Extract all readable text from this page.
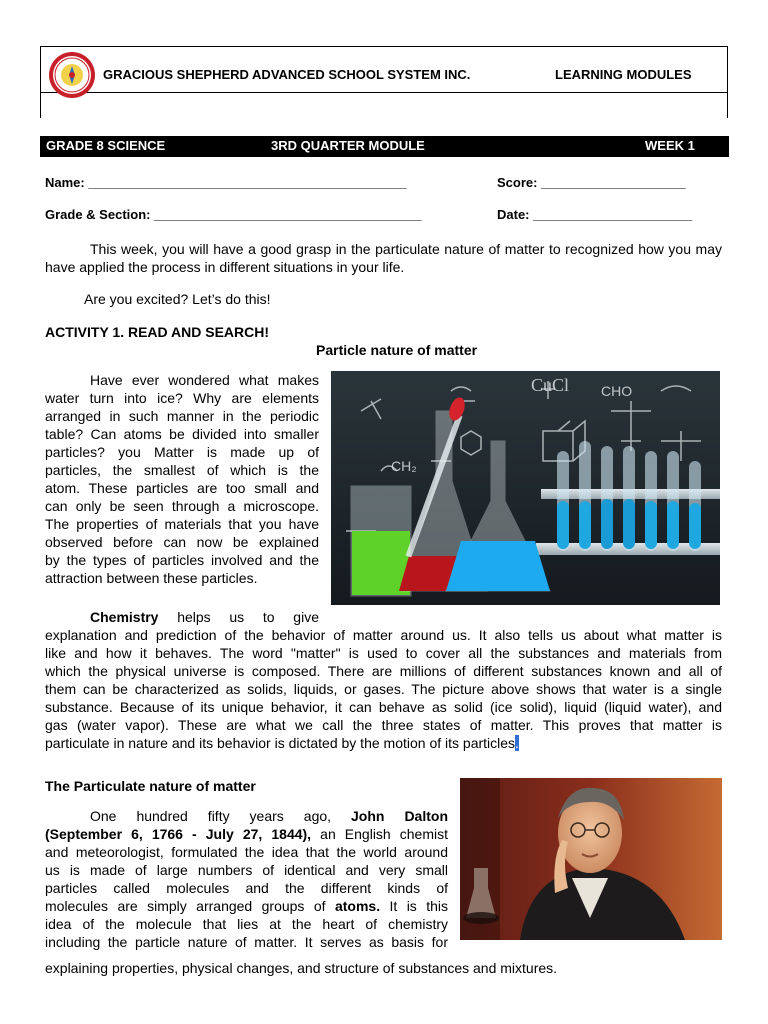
GRACIOUS SHEPHERD ADVANCED SCHOOL SYSTEM INC.	LEARNING MODULES
GRADE 8 SCIENCE	3RD QUARTER MODULE	WEEK 1
Name: ____________________________________________	Score: ____________________
Grade & Section: _____________________________________	Date: ______________________
This week, you will have a good grasp in the particulate nature of matter to recognized how you may have applied the process in different situations in your life.
Are you excited? Let’s do this!
ACTIVITY 1. READ AND SEARCH!
Particle nature of matter
Have ever wondered what makes
water turn into ice? Why are elements
arranged in such manner in the periodic
table? Can atoms be divided into smaller
particles? you Matter is made up of
particles, the smallest of which is the
atom. These particles are too small and
can only be seen through a microscope.
The properties of materials that you have
observed before can now be explained
by the types of particles involved and the
attraction between these particles.
CuCl CHO
CH₂
Chemistry helps us to give
explanation and prediction of the behavior of matter around us. It also tells us about what matter is
like and how it behaves. The word "matter" is used to cover all the substances and materials from
which the physical universe is composed. There are millions of different substances known and all of
them can be characterized as solids, liquids, or gases. The picture above shows that water is a single
substance. Because of its unique behavior, it can behave as solid (ice solid), liquid (liquid water), and
gas (water vapor). These are what we call the three states of matter. This proves that matter is
particulate in nature and its behavior is dictated by the motion of its particles.
The Particulate nature of matter
One hundred fifty years ago, John Dalton
(September 6, 1766 - July 27, 1844), an English chemist
and meteorologist, formulated the idea that the world around
us is made of large numbers of identical and very small
particles called molecules and the different kinds of
molecules are simply arranged groups of atoms. It is this
idea of the molecule that lies at the heart of chemistry
including the particle nature of matter. It serves as basis for
explaining properties, physical changes, and structure of substances and mixtures.
